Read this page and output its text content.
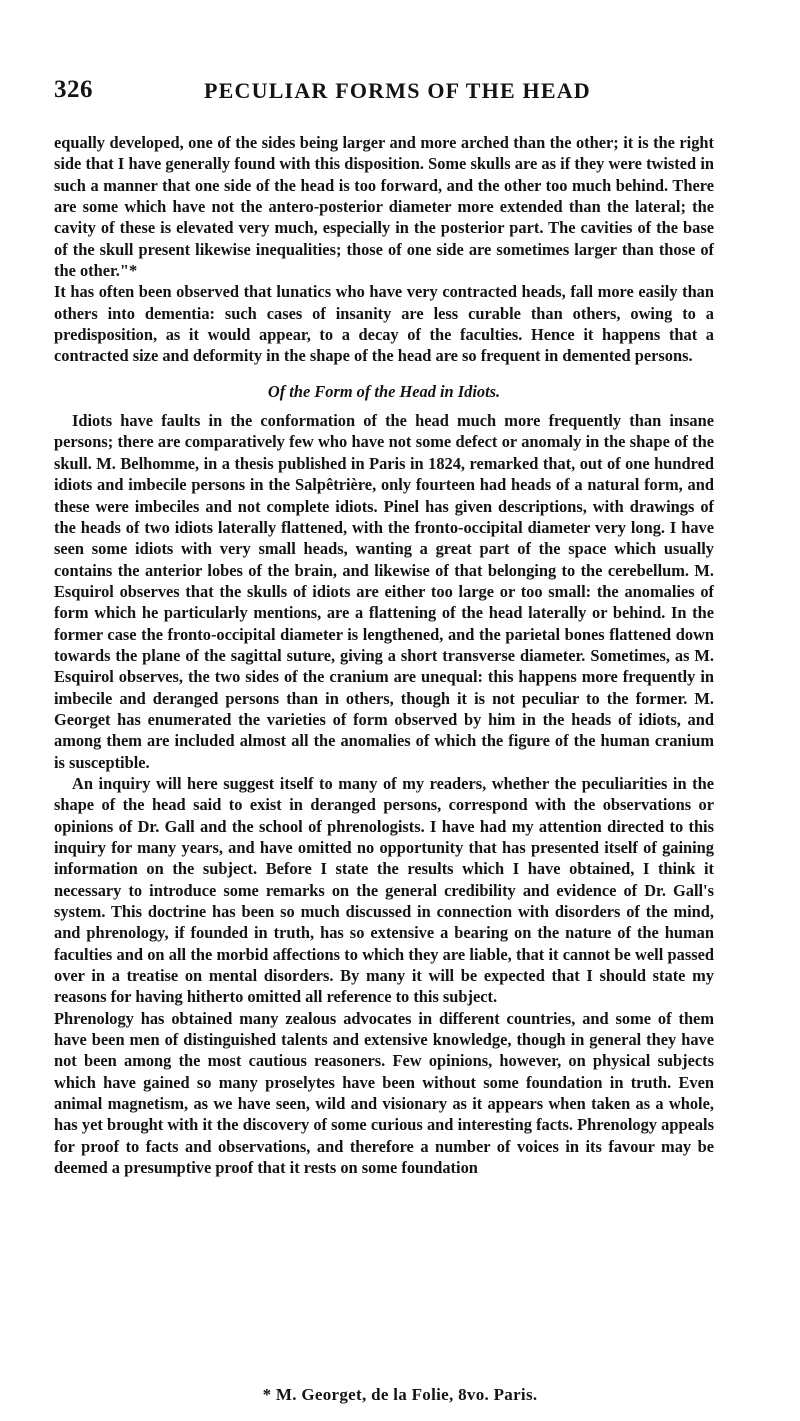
326	PECULIAR FORMS OF THE HEAD

equally developed, one of the sides being larger and more arched than the other; it is the right side that I have generally found with this disposition. Some skulls are as if they were twisted in such a manner that one side of the head is too forward, and the other too much behind. There are some which have not the antero-posterior diameter more extended than the lateral; the cavity of these is elevated very much, especially in the posterior part. The cavities of the base of the skull present likewise inequalities; those of one side are sometimes larger than those of the other."*

It has often been observed that lunatics who have very contracted heads, fall more easily than others into dementia: such cases of insanity are less curable than others, owing to a predisposition, as it would appear, to a decay of the faculties. Hence it happens that a contracted size and deformity in the shape of the head are so frequent in demented persons.

Of the Form of the Head in Idiots.

Idiots have faults in the conformation of the head much more frequently than insane persons; there are comparatively few who have not some defect or anomaly in the shape of the skull. M. Belhomme, in a thesis published in Paris in 1824, remarked that, out of one hundred idiots and imbecile persons in the Salpêtrière, only fourteen had heads of a natural form, and these were imbeciles and not complete idiots. Pinel has given descriptions, with drawings of the heads of two idiots laterally flattened, with the fronto-occipital diameter very long. I have seen some idiots with very small heads, wanting a great part of the space which usually contains the anterior lobes of the brain, and likewise of that belonging to the cerebellum. M. Esquirol observes that the skulls of idiots are either too large or too small: the anomalies of form which he particularly mentions, are a flattening of the head laterally or behind. In the former case the fronto-occipital diameter is lengthened, and the parietal bones flattened down towards the plane of the sagittal suture, giving a short transverse diameter. Sometimes, as M. Esquirol observes, the two sides of the cranium are unequal: this happens more frequently in imbecile and deranged persons than in others, though it is not peculiar to the former. M. Georget has enumerated the varieties of form observed by him in the heads of idiots, and among them are included almost all the anomalies of which the figure of the human cranium is susceptible.

An inquiry will here suggest itself to many of my readers, whether the peculiarities in the shape of the head said to exist in deranged persons, correspond with the observations or opinions of Dr. Gall and the school of phrenologists. I have had my attention directed to this inquiry for many years, and have omitted no opportunity that has presented itself of gaining information on the subject. Before I state the results which I have obtained, I think it necessary to introduce some remarks on the general credibility and evidence of Dr. Gall's system. This doctrine has been so much discussed in connection with disorders of the mind, and phrenology, if founded in truth, has so extensive a bearing on the nature of the human faculties and on all the morbid affections to which they are liable, that it cannot be well passed over in a treatise on mental disorders. By many it will be expected that I should state my reasons for having hitherto omitted all reference to this subject.

Phrenology has obtained many zealous advocates in different countries, and some of them have been men of distinguished talents and extensive knowledge, though in general they have not been among the most cautious reasoners. Few opinions, however, on physical subjects which have gained so many proselytes have been without some foundation in truth. Even animal magnetism, as we have seen, wild and visionary as it appears when taken as a whole, has yet brought with it the discovery of some curious and interesting facts. Phrenology appeals for proof to facts and observations, and therefore a number of voices in its favour may be deemed a presumptive proof that it rests on some foundation

* M. Georget, de la Folie, 8vo. Paris.
